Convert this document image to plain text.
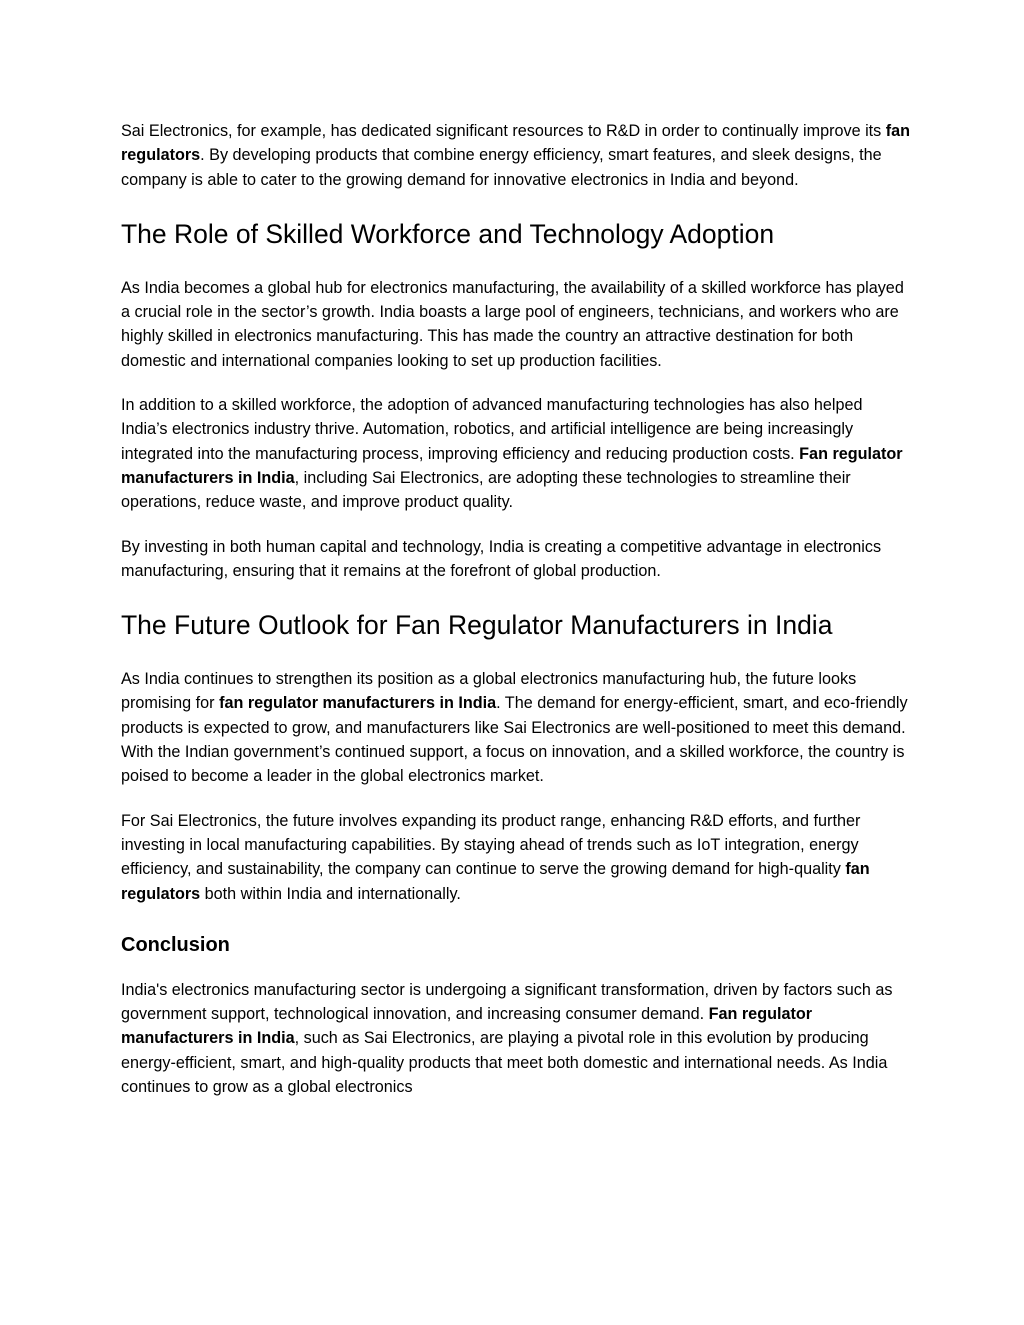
Sai Electronics, for example, has dedicated significant resources to R&D in order to continually improve its fan regulators. By developing products that combine energy efficiency, smart features, and sleek designs, the company is able to cater to the growing demand for innovative electronics in India and beyond.

The Role of Skilled Workforce and Technology Adoption

As India becomes a global hub for electronics manufacturing, the availability of a skilled workforce has played a crucial role in the sector’s growth. India boasts a large pool of engineers, technicians, and workers who are highly skilled in electronics manufacturing. This has made the country an attractive destination for both domestic and international companies looking to set up production facilities.

In addition to a skilled workforce, the adoption of advanced manufacturing technologies has also helped India’s electronics industry thrive. Automation, robotics, and artificial intelligence are being increasingly integrated into the manufacturing process, improving efficiency and reducing production costs. Fan regulator manufacturers in India, including Sai Electronics, are adopting these technologies to streamline their operations, reduce waste, and improve product quality.

By investing in both human capital and technology, India is creating a competitive advantage in electronics manufacturing, ensuring that it remains at the forefront of global production.

The Future Outlook for Fan Regulator Manufacturers in India

As India continues to strengthen its position as a global electronics manufacturing hub, the future looks promising for fan regulator manufacturers in India. The demand for energy-efficient, smart, and eco-friendly products is expected to grow, and manufacturers like Sai Electronics are well-positioned to meet this demand. With the Indian government’s continued support, a focus on innovation, and a skilled workforce, the country is poised to become a leader in the global electronics market.

For Sai Electronics, the future involves expanding its product range, enhancing R&D efforts, and further investing in local manufacturing capabilities. By staying ahead of trends such as IoT integration, energy efficiency, and sustainability, the company can continue to serve the growing demand for high-quality fan regulators both within India and internationally.

Conclusion

India's electronics manufacturing sector is undergoing a significant transformation, driven by factors such as government support, technological innovation, and increasing consumer demand. Fan regulator manufacturers in India, such as Sai Electronics, are playing a pivotal role in this evolution by producing energy-efficient, smart, and high-quality products that meet both domestic and international needs. As India continues to grow as a global electronics
